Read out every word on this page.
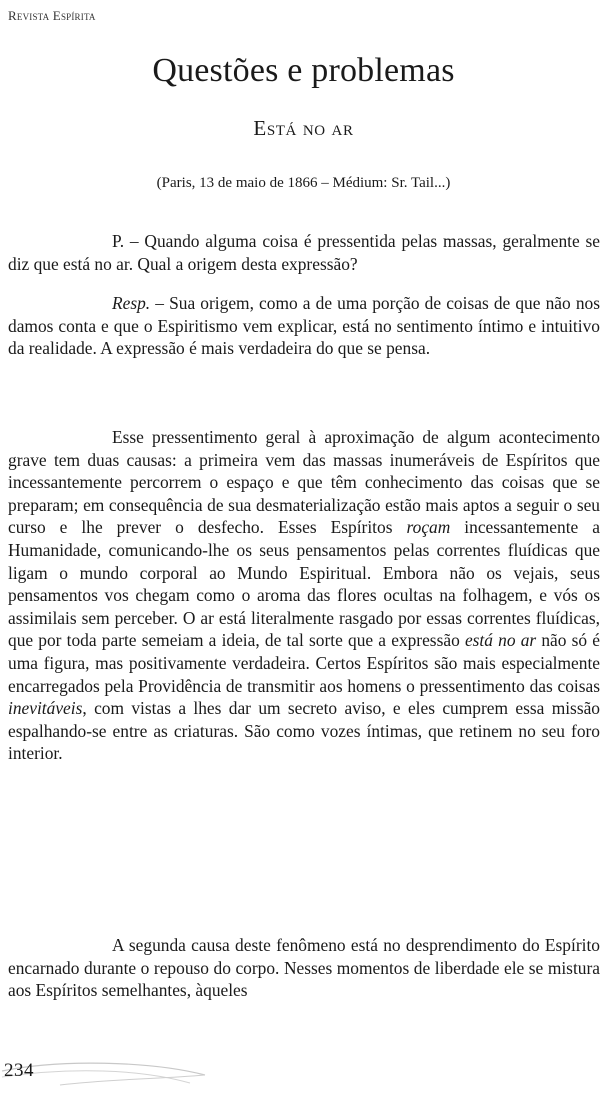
Revista Espírita
Questões e problemas
Está no ar
(Paris, 13 de maio de 1866 – Médium: Sr. Tail...)

P. – Quando alguma coisa é pressentida pelas massas, geralmente se diz que está no ar. Qual a origem desta expressão?

Resp. – Sua origem, como a de uma porção de coisas de que não nos damos conta e que o Espiritismo vem explicar, está no sentimento íntimo e intuitivo da realidade. A expressão é mais verdadeira do que se pensa.

Esse pressentimento geral à aproximação de algum acontecimento grave tem duas causas: a primeira vem das massas inumeráveis de Espíritos que incessantemente percorrem o espaço e que têm conhecimento das coisas que se preparam; em consequência de sua desmaterialização estão mais aptos a seguir o seu curso e lhe prever o desfecho. Esses Espíritos roçam incessantemente a Humanidade, comunicando-lhe os seus pensamentos pelas correntes fluídicas que ligam o mundo corporal ao Mundo Espiritual. Embora não os vejais, seus pensamentos vos chegam como o aroma das flores ocultas na folhagem, e vós os assimilais sem perceber. O ar está literalmente rasgado por essas correntes fluídicas, que por toda parte semeiam a ideia, de tal sorte que a expressão está no ar não só é uma figura, mas positivamente verdadeira. Certos Espíritos são mais especialmente encarregados pela Providência de transmitir aos homens o pressentimento das coisas inevitáveis, com vistas a lhes dar um secreto aviso, e eles cumprem essa missão espalhando-se entre as criaturas. São como vozes íntimas, que retinem no seu foro interior.

A segunda causa deste fenômeno está no desprendimento do Espírito encarnado durante o repouso do corpo. Nesses momentos de liberdade ele se mistura aos Espíritos semelhantes, àqueles

234
